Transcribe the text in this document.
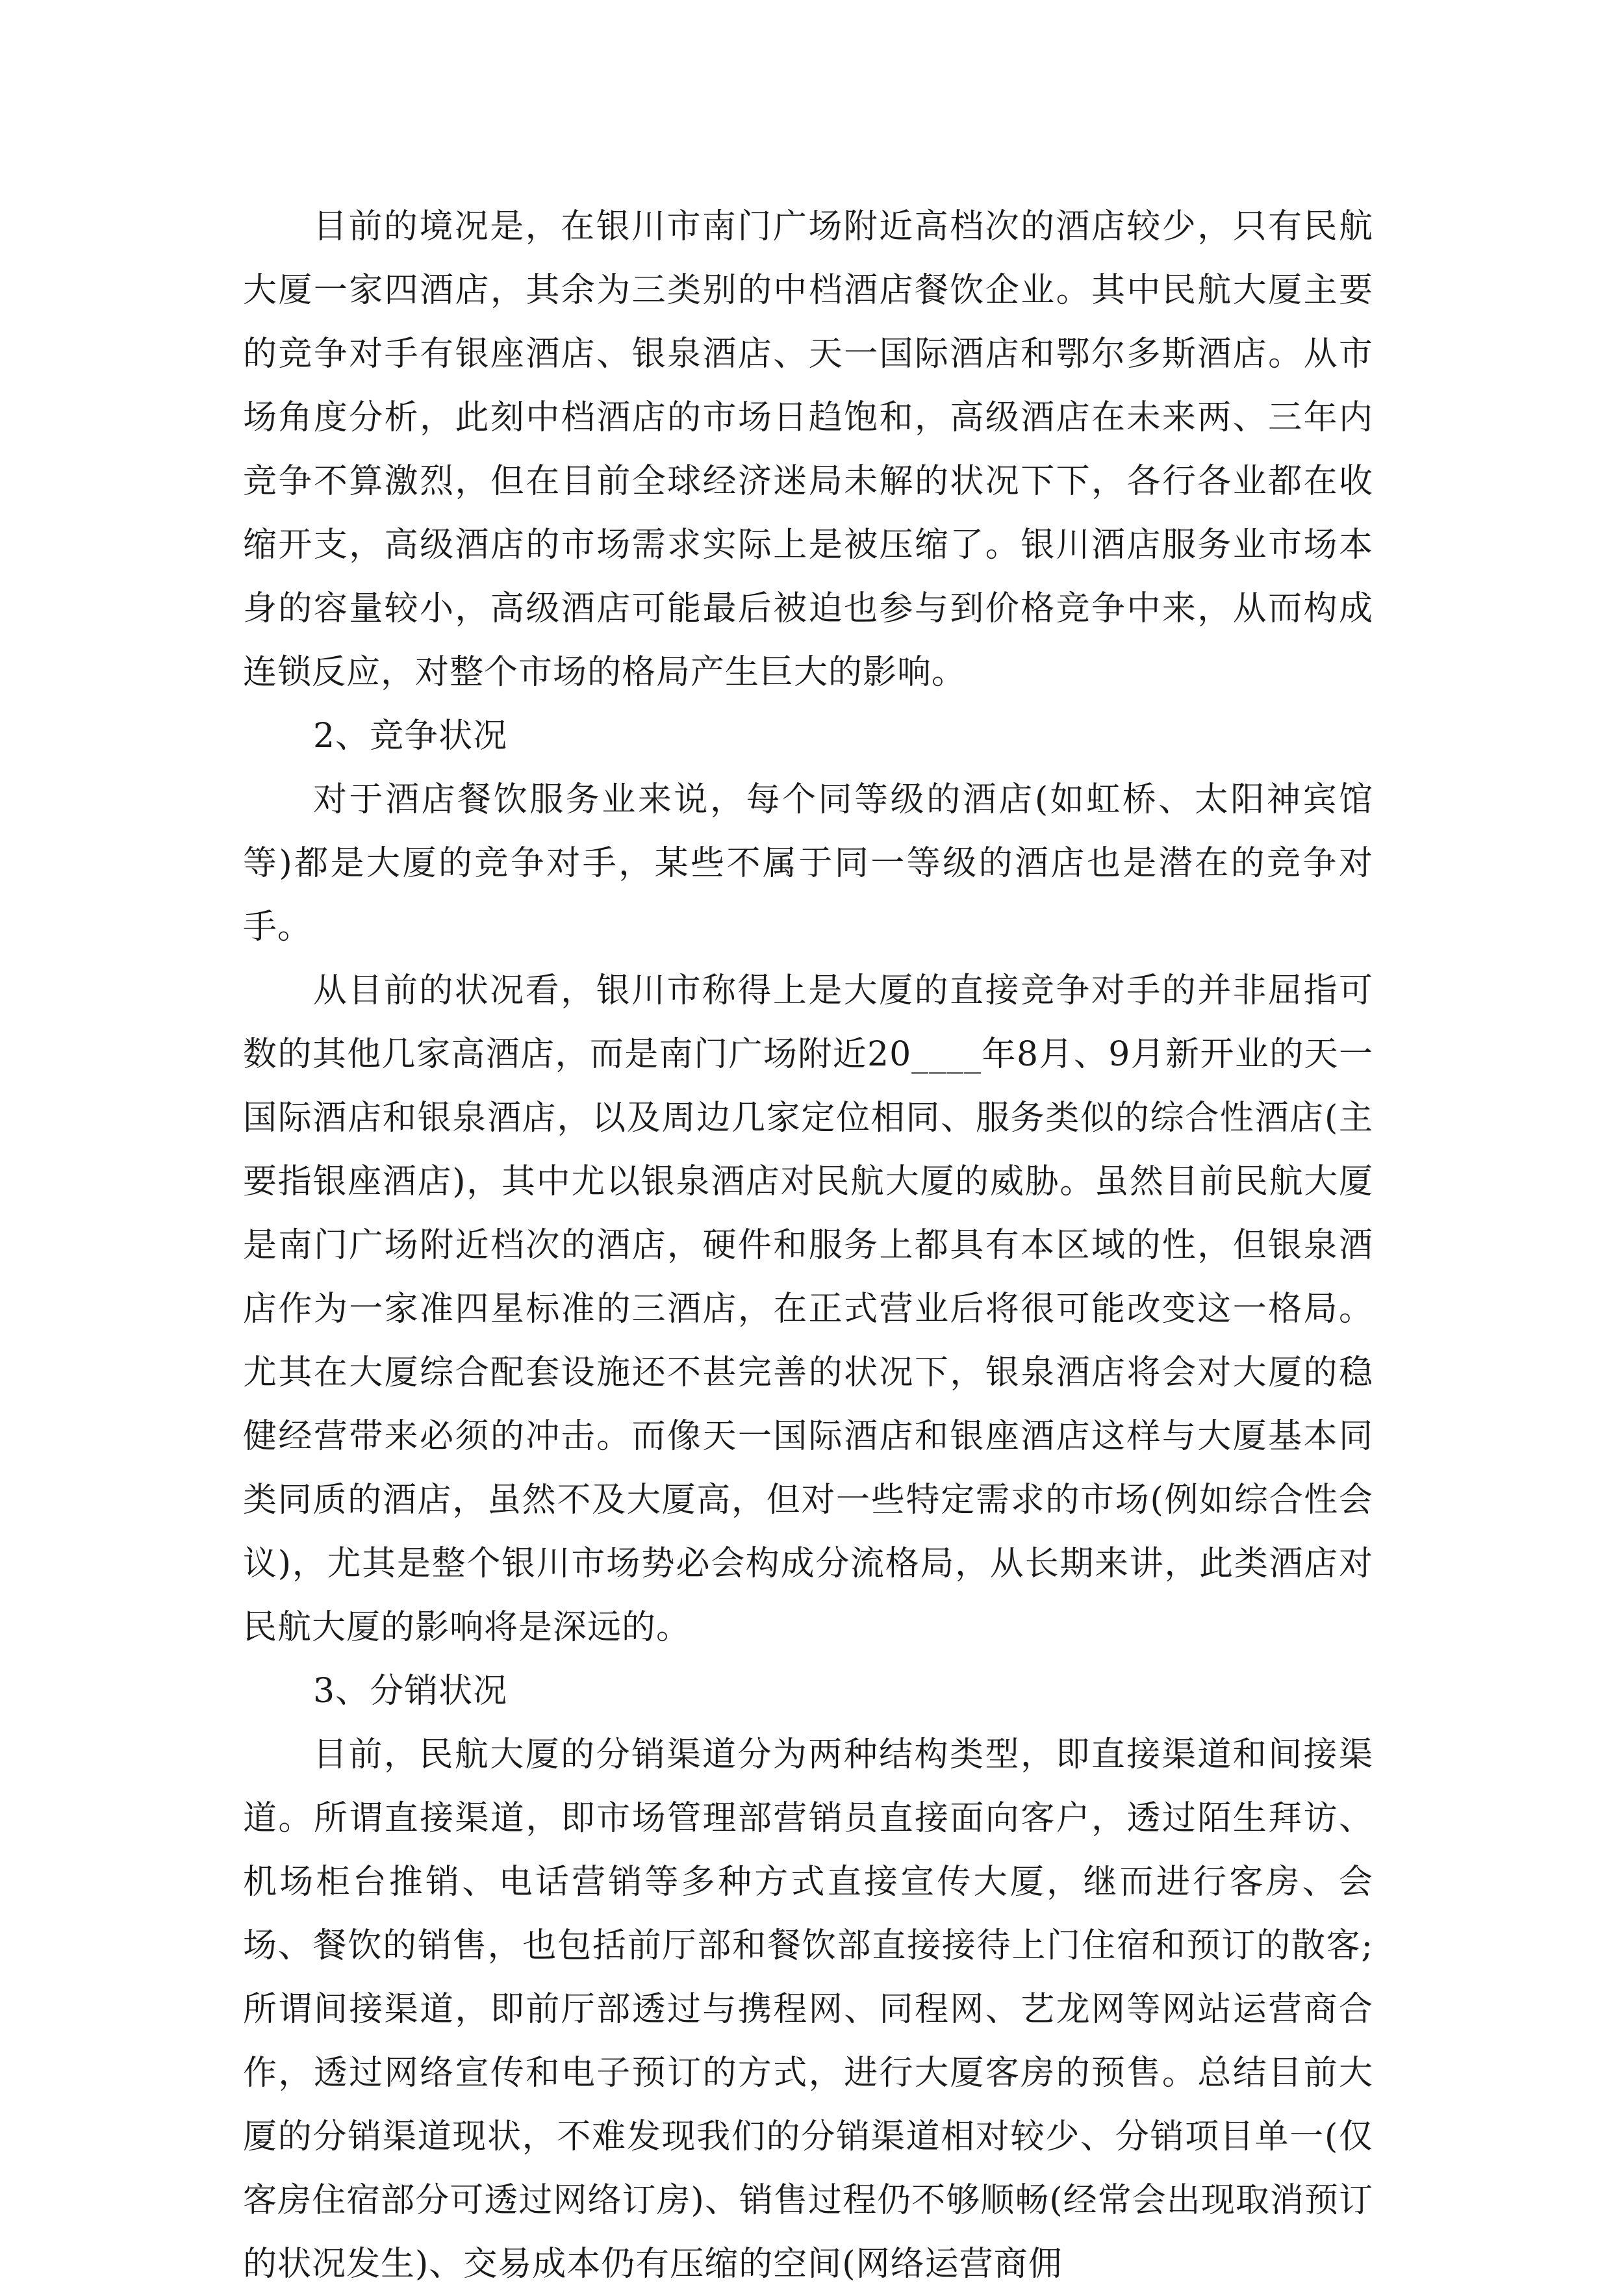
目前的境况是，在银川市南门广场附近高档次的酒店较少，只有民航大厦一家四酒店，其余为三类别的中档酒店餐饮企业。其中民航大厦主要的竞争对手有银座酒店、银泉酒店、天一国际酒店和鄂尔多斯酒店。从市场角度分析，此刻中档酒店的市场日趋饱和，高级酒店在未来两、三年内竞争不算激烈，但在目前全球经济迷局未解的状况下下，各行各业都在收缩开支，高级酒店的市场需求实际上是被压缩了。银川酒店服务业市场本身的容量较小，高级酒店可能最后被迫也参与到价格竞争中来，从而构成连锁反应，对整个市场的格局产生巨大的影响。

2、竞争状况

对于酒店餐饮服务业来说，每个同等级的酒店(如虹桥、太阳神宾馆等)都是大厦的竞争对手，某些不属于同一等级的酒店也是潜在的竞争对手。

从目前的状况看，银川市称得上是大厦的直接竞争对手的并非屈指可数的其他几家高酒店，而是南门广场附近20____年8月、9月新开业的天一国际酒店和银泉酒店，以及周边几家定位相同、服务类似的综合性酒店(主要指银座酒店)，其中尤以银泉酒店对民航大厦的威胁。虽然目前民航大厦是南门广场附近档次的酒店，硬件和服务上都具有本区域的性，但银泉酒店作为一家准四星标准的三酒店，在正式营业后将很可能改变这一格局。尤其在大厦综合配套设施还不甚完善的状况下，银泉酒店将会对大厦的稳健经营带来必须的冲击。而像天一国际酒店和银座酒店这样与大厦基本同类同质的酒店，虽然不及大厦高，但对一些特定需求的市场(例如综合性会议)，尤其是整个银川市场势必会构成分流格局，从长期来讲，此类酒店对民航大厦的影响将是深远的。

3、分销状况

目前，民航大厦的分销渠道分为两种结构类型，即直接渠道和间接渠道。所谓直接渠道，即市场管理部营销员直接面向客户，透过陌生拜访、机场柜台推销、电话营销等多种方式直接宣传大厦，继而进行客房、会场、餐饮的销售，也包括前厅部和餐饮部直接接待上门住宿和预订的散客;所谓间接渠道，即前厅部透过与携程网、同程网、艺龙网等网站运营商合作，透过网络宣传和电子预订的方式，进行大厦客房的预售。总结目前大厦的分销渠道现状，不难发现我们的分销渠道相对较少、分销项目单一(仅客房住宿部分可透过网络订房)、销售过程仍不够顺畅(经常会出现取消预订的状况发生)、交易成本仍有压缩的空间(网络运营商佣
